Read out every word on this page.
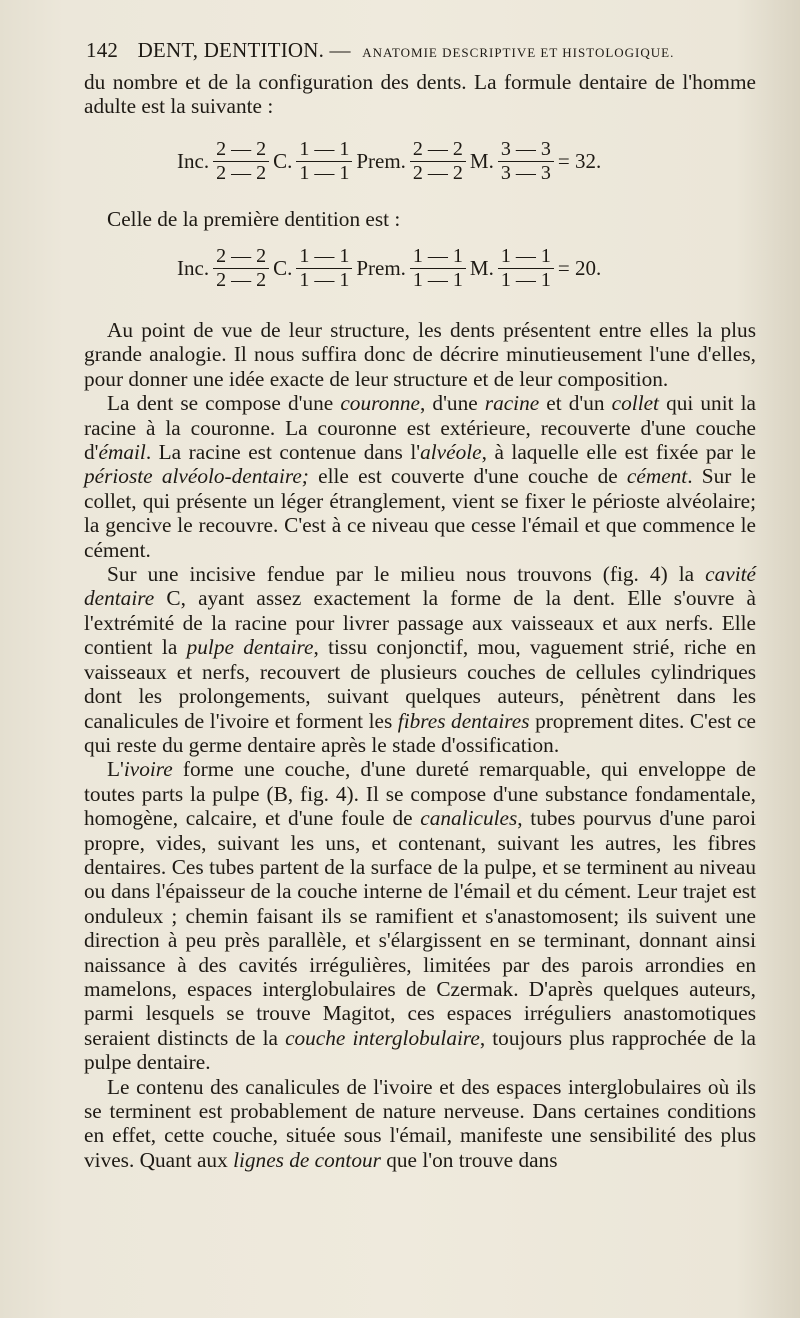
142 DENT, DENTITION. — ANATOMIE DESCRIPTIVE ET HISTOLOGIQUE.

du nombre et de la configuration des dents. La formule dentaire de l'homme adulte est la suivante :

Inc. $\frac{2 — 2}{2 — 2} C$. $\frac{1 — 1}{1 — 1}$ Prem. $\frac{2 — 2}{2 — 2} M$. $\frac{3 — 3}{3 — 3} = 32$.

Celle de la première dentition est :

Inc. $\frac{2 — 2}{2 — 2} C$. $\frac{1 — 1}{1 — 1}$ Prem. $\frac{1 — 1}{1 — 1} M$. $\frac{1 — 1}{1 — 1} = 20$.

Au point de vue de leur structure, les dents présentent entre elles la plus grande analogie. Il nous suffira donc de décrire minutieusement l'une d'elles, pour donner une idée exacte de leur structure et de leur composition.

La dent se compose d'une couronne, d'une racine et d'un collet qui unit la racine à la couronne. La couronne est extérieure, recouverte d'une couche d'émail. La racine est contenue dans l'alvéole, à laquelle elle est fixée par le périoste alvéolo-dentaire; elle est couverte d'une couche de cément. Sur le collet, qui présente un léger étranglement, vient se fixer le périoste alvéolaire; la gencive le recouvre. C'est à ce niveau que cesse l'émail et que commence le cément.

Sur une incisive fendue par le milieu nous trouvons (fig. 4) la cavité dentaire C, ayant assez exactement la forme de la dent. Elle s'ouvre à l'extrémité de la racine pour livrer passage aux vaisseaux et aux nerfs. Elle contient la pulpe dentaire, tissu conjonctif, mou, vaguement strié, riche en vaisseaux et nerfs, recouvert de plusieurs couches de cellules cylindriques dont les prolongements, suivant quelques auteurs, pénètrent dans les canalicules de l'ivoire et forment les fibres dentaires proprement dites. C'est ce qui reste du germe dentaire après le stade d'ossification.

L'ivoire forme une couche, d'une dureté remarquable, qui enveloppe de toutes parts la pulpe (B, fig. 4). Il se compose d'une substance fondamentale, homogène, calcaire, et d'une foule de canalicules, tubes pourvus d'une paroi propre, vides, suivant les uns, et contenant, suivant les autres, les fibres dentaires. Ces tubes partent de la surface de la pulpe, et se terminent au niveau ou dans l'épaisseur de la couche interne de l'émail et du cément. Leur trajet est onduleux ; chemin faisant ils se ramifient et s'anastomosent; ils suivent une direction à peu près parallèle, et s'élargissent en se terminant, donnant ainsi naissance à des cavités irrégulières, limitées par des parois arrondies en mamelons, espaces interglobulaires de Czermak. D'après quelques auteurs, parmi lesquels se trouve Magitot, ces espaces irréguliers anastomotiques seraient distincts de la couche interglobulaire, toujours plus rapprochée de la pulpe dentaire.

Le contenu des canalicules de l'ivoire et des espaces interglobulaires où ils se terminent est probablement de nature nerveuse. Dans certaines conditions en effet, cette couche, située sous l'émail, manifeste une sensibilité des plus vives. Quant aux lignes de contour que l'on trouve dans
